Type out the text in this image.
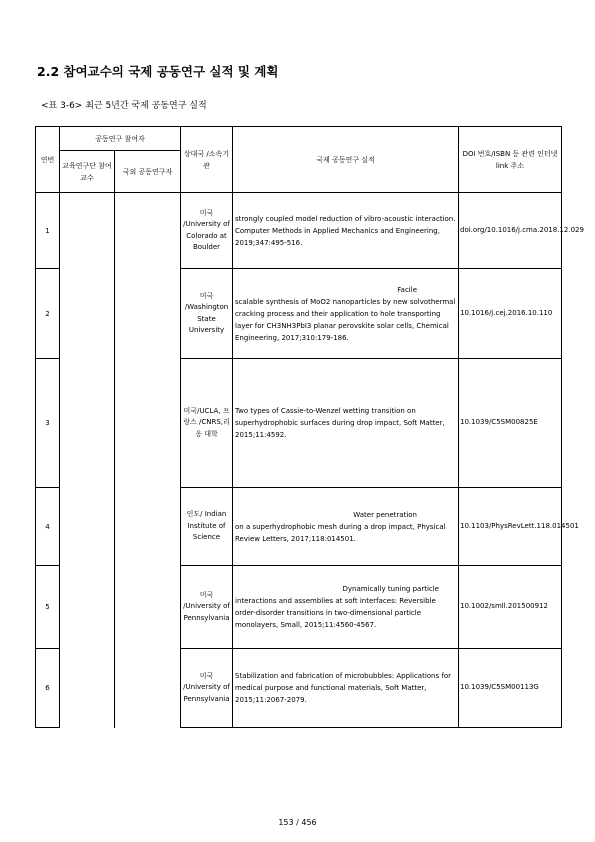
2.2 참여교수의 국제 공동연구 실적 및 계획

<표 3-6> 최근 5년간 국제 공동연구 실적

연번	공동연구 참여자		상대국 /소속기관	국제 공동연구 실적	DOI 번호/ISBN 등 관련 인터넷 link 주소
	교육연구단 참여교수	국외 공동연구자			
1			미국 /University of Colorado at Boulder	strongly coupled model reduction of vibro-acoustic interaction. Computer Methods in Applied Mechanics and Engineering, 2019;347:495-516.	doi.org/10.1016/j.cma.2018.12.029
2			미국 /Washington State University	Facile
scalable synthesis of MoO2 nanoparticles by new solvothermal cracking process and their application to hole transporting layer for CH3NH3PbI3 planar perovskite solar cells, Chemical Engineering, 2017;310:179-186.	10.1016/j.cej.2016.10.110
3			미국/UCLA, 프랑스 /CNRS,리옹 대학	Two types of Cassie-to-Wenzel wetting transition on superhydrophobic surfaces during drop impact, Soft Matter, 2015;11:4592.	10.1039/C5SM00825E
4			인도/ Indian Institute of Science	Water penetration
on a superhydrophobic mesh during a drop impact, Physical Review Letters, 2017;118:014501.	10.1103/PhysRevLett.118.014501
5			미국 /University of Pennsylvania	Dynamically tuning particle
interactions and assemblies at soft interfaces: Reversible order-disorder transitions in two-dimensional particle monolayers, Small, 2015;11:4560-4567.	10.1002/smll.201500912
6			미국 /University of Pennsylvania	Stabilization and fabrication of microbubbles: Applications for medical purpose and functional materials, Soft Matter, 2015;11:2067-2079.	10.1039/C5SM00113G

153 / 456
